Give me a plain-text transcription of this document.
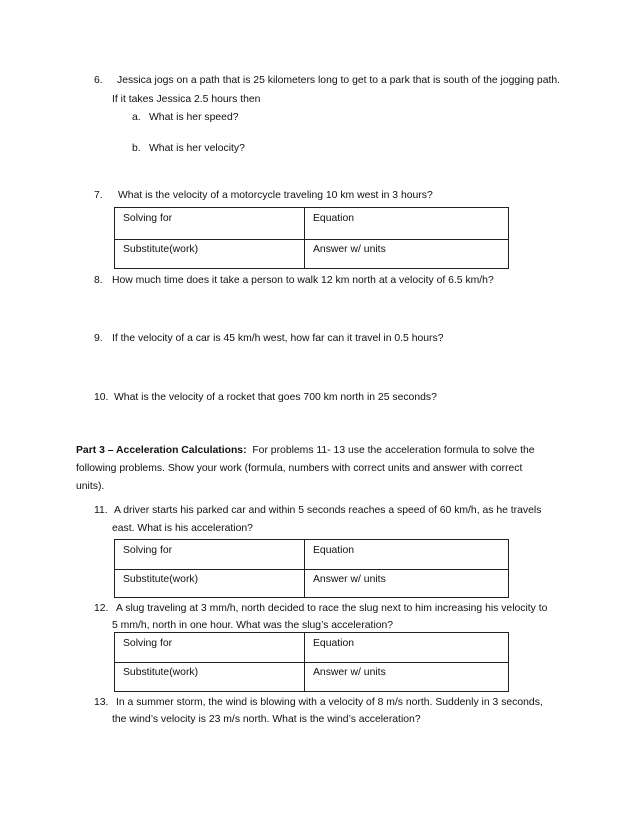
6. Jessica jogs on a path that is 25 kilometers long to get to a park that is south of the jogging path.
If it takes Jessica 2.5 hours then
a. What is her speed?
b. What is her velocity?
7. What is the velocity of a motorcycle traveling 10 km west in 3 hours?
Solving for	Equation
Substitute(work)	Answer w/ units
8. How much time does it take a person to walk 12 km north at a velocity of 6.5 km/h?
9. If the velocity of a car is 45 km/h west, how far can it travel in 0.5 hours?
10. What is the velocity of a rocket that goes 700 km north in 25 seconds?
Part 3 – Acceleration Calculations: For problems 11- 13 use the acceleration formula to solve the
following problems. Show your work (formula, numbers with correct units and answer with correct
units).
11. A driver starts his parked car and within 5 seconds reaches a speed of 60 km/h, as he travels
east. What is his acceleration?
Solving for	Equation
Substitute(work)	Answer w/ units
12. A slug traveling at 3 mm/h, north decided to race the slug next to him increasing his velocity to
5 mm/h, north in one hour. What was the slug’s acceleration?
Solving for	Equation
Substitute(work)	Answer w/ units
13. In a summer storm, the wind is blowing with a velocity of 8 m/s north. Suddenly in 3 seconds,
the wind’s velocity is 23 m/s north. What is the wind’s acceleration?
